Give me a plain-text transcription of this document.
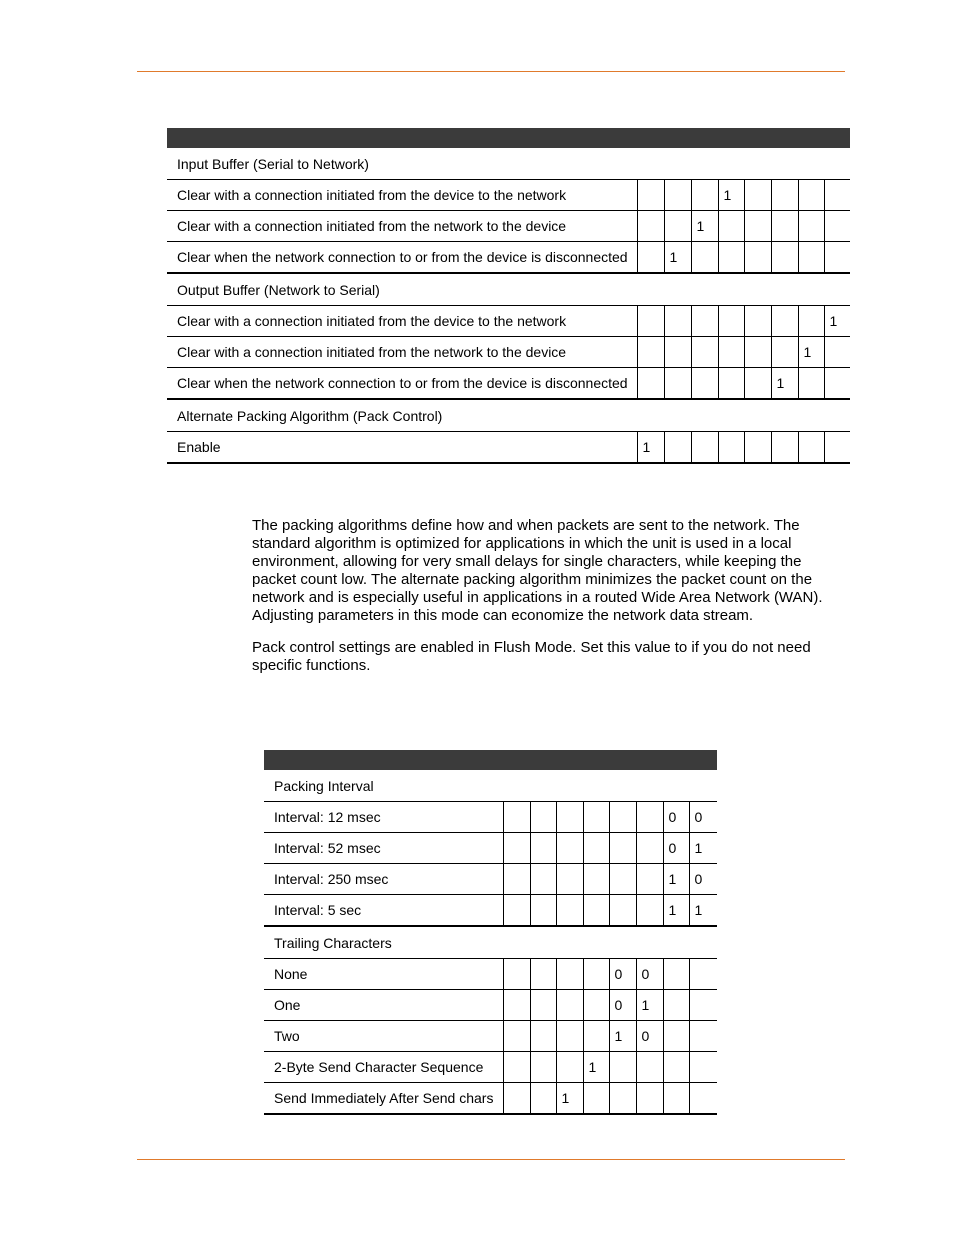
Input Buffer (Serial to Network)								
Clear with a connection initiated from the device to the network				1				
Clear with a connection initiated from the network to the device			1					
Clear when the network connection to or from the device is disconnected		1						
Output Buffer (Network to Serial)								
Clear with a connection initiated from the device to the network								1
Clear with a connection initiated from the network to the device							1	
Clear when the network connection to or from the device is disconnected						1		
Alternate Packing Algorithm (Pack Control)								
Enable	1							

The packing algorithms define how and when packets are sent to the network. The standard algorithm is optimized for applications in which the unit is used in a local environment, allowing for very small delays for single characters, while keeping the packet count low. The alternate packing algorithm minimizes the packet count on the network and is especially useful in applications in a routed Wide Area Network (WAN). Adjusting parameters in this mode can economize the network data stream.

Pack control settings are enabled in Flush Mode. Set this value to if you do not need specific functions.

Packing Interval								
Interval: 12 msec							0	0
Interval: 52 msec							0	1
Interval: 250 msec							1	0
Interval: 5 sec							1	1
Trailing Characters								
None					0	0		
One					0	1		
Two					1	0		
2-Byte Send Character Sequence				1				
Send Immediately After Send chars			1					
